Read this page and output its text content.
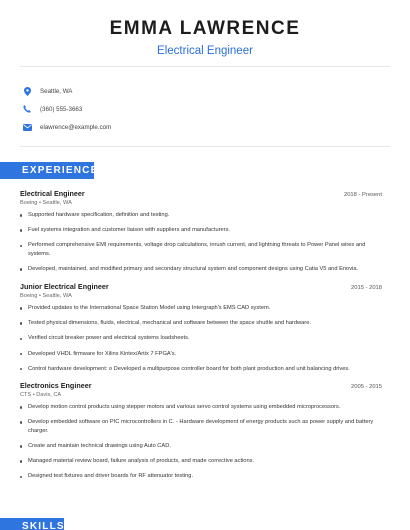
EMMA LAWRENCE
Electrical Engineer
Seattle, WA
(360) 555-3663
elawrence@example.com
EXPERIENCE
Electrical Engineer	2018 - Present
Boeing • Seattle, WA
Supported hardware specification, definition and testing.
Fuel systems integration and customer liaison with suppliers and manufacturers.
Performed comprehensive EMI requirements, voltage drop calculations, inrush current, and lightning threats to Power Panel wires and systems.
Developed, maintained, and modified primary and secondary structural system and component designs using Catia V5 and Enovia.
Junior Electrical Engineer	2015 - 2018
Boeing • Seattle, WA
Provided updates to the International Space Station Model using Intergraph's EMS CAD system.
Tested physical dimensions, fluids, electrical, mechanical and software between the space shuttle and hardware.
Verified circuit breaker power and electrical systems loadsheets.
Developed VHDL firmware for Xilinx Kintex/Artix 7 FPGA's.
Control hardware development: o Developed a multipurpose controller board for both plant production and unit balancing drives.
Electronics Engineer	2005 - 2015
CTS • Davis, CA
Develop motion control products using stepper motors and various servo control systems using embedded microprocessors.
Develop embedded software on PIC microcontrollers in C. - Hardware development of energy products such as power supply and battery charger.
Create and maintain technical drawings using Auto CAD.
Managed material review board, failure analysis of products, and made corrective actions.
Designed test fixtures and driver boards for RF attenuator testing.
SKILLS
